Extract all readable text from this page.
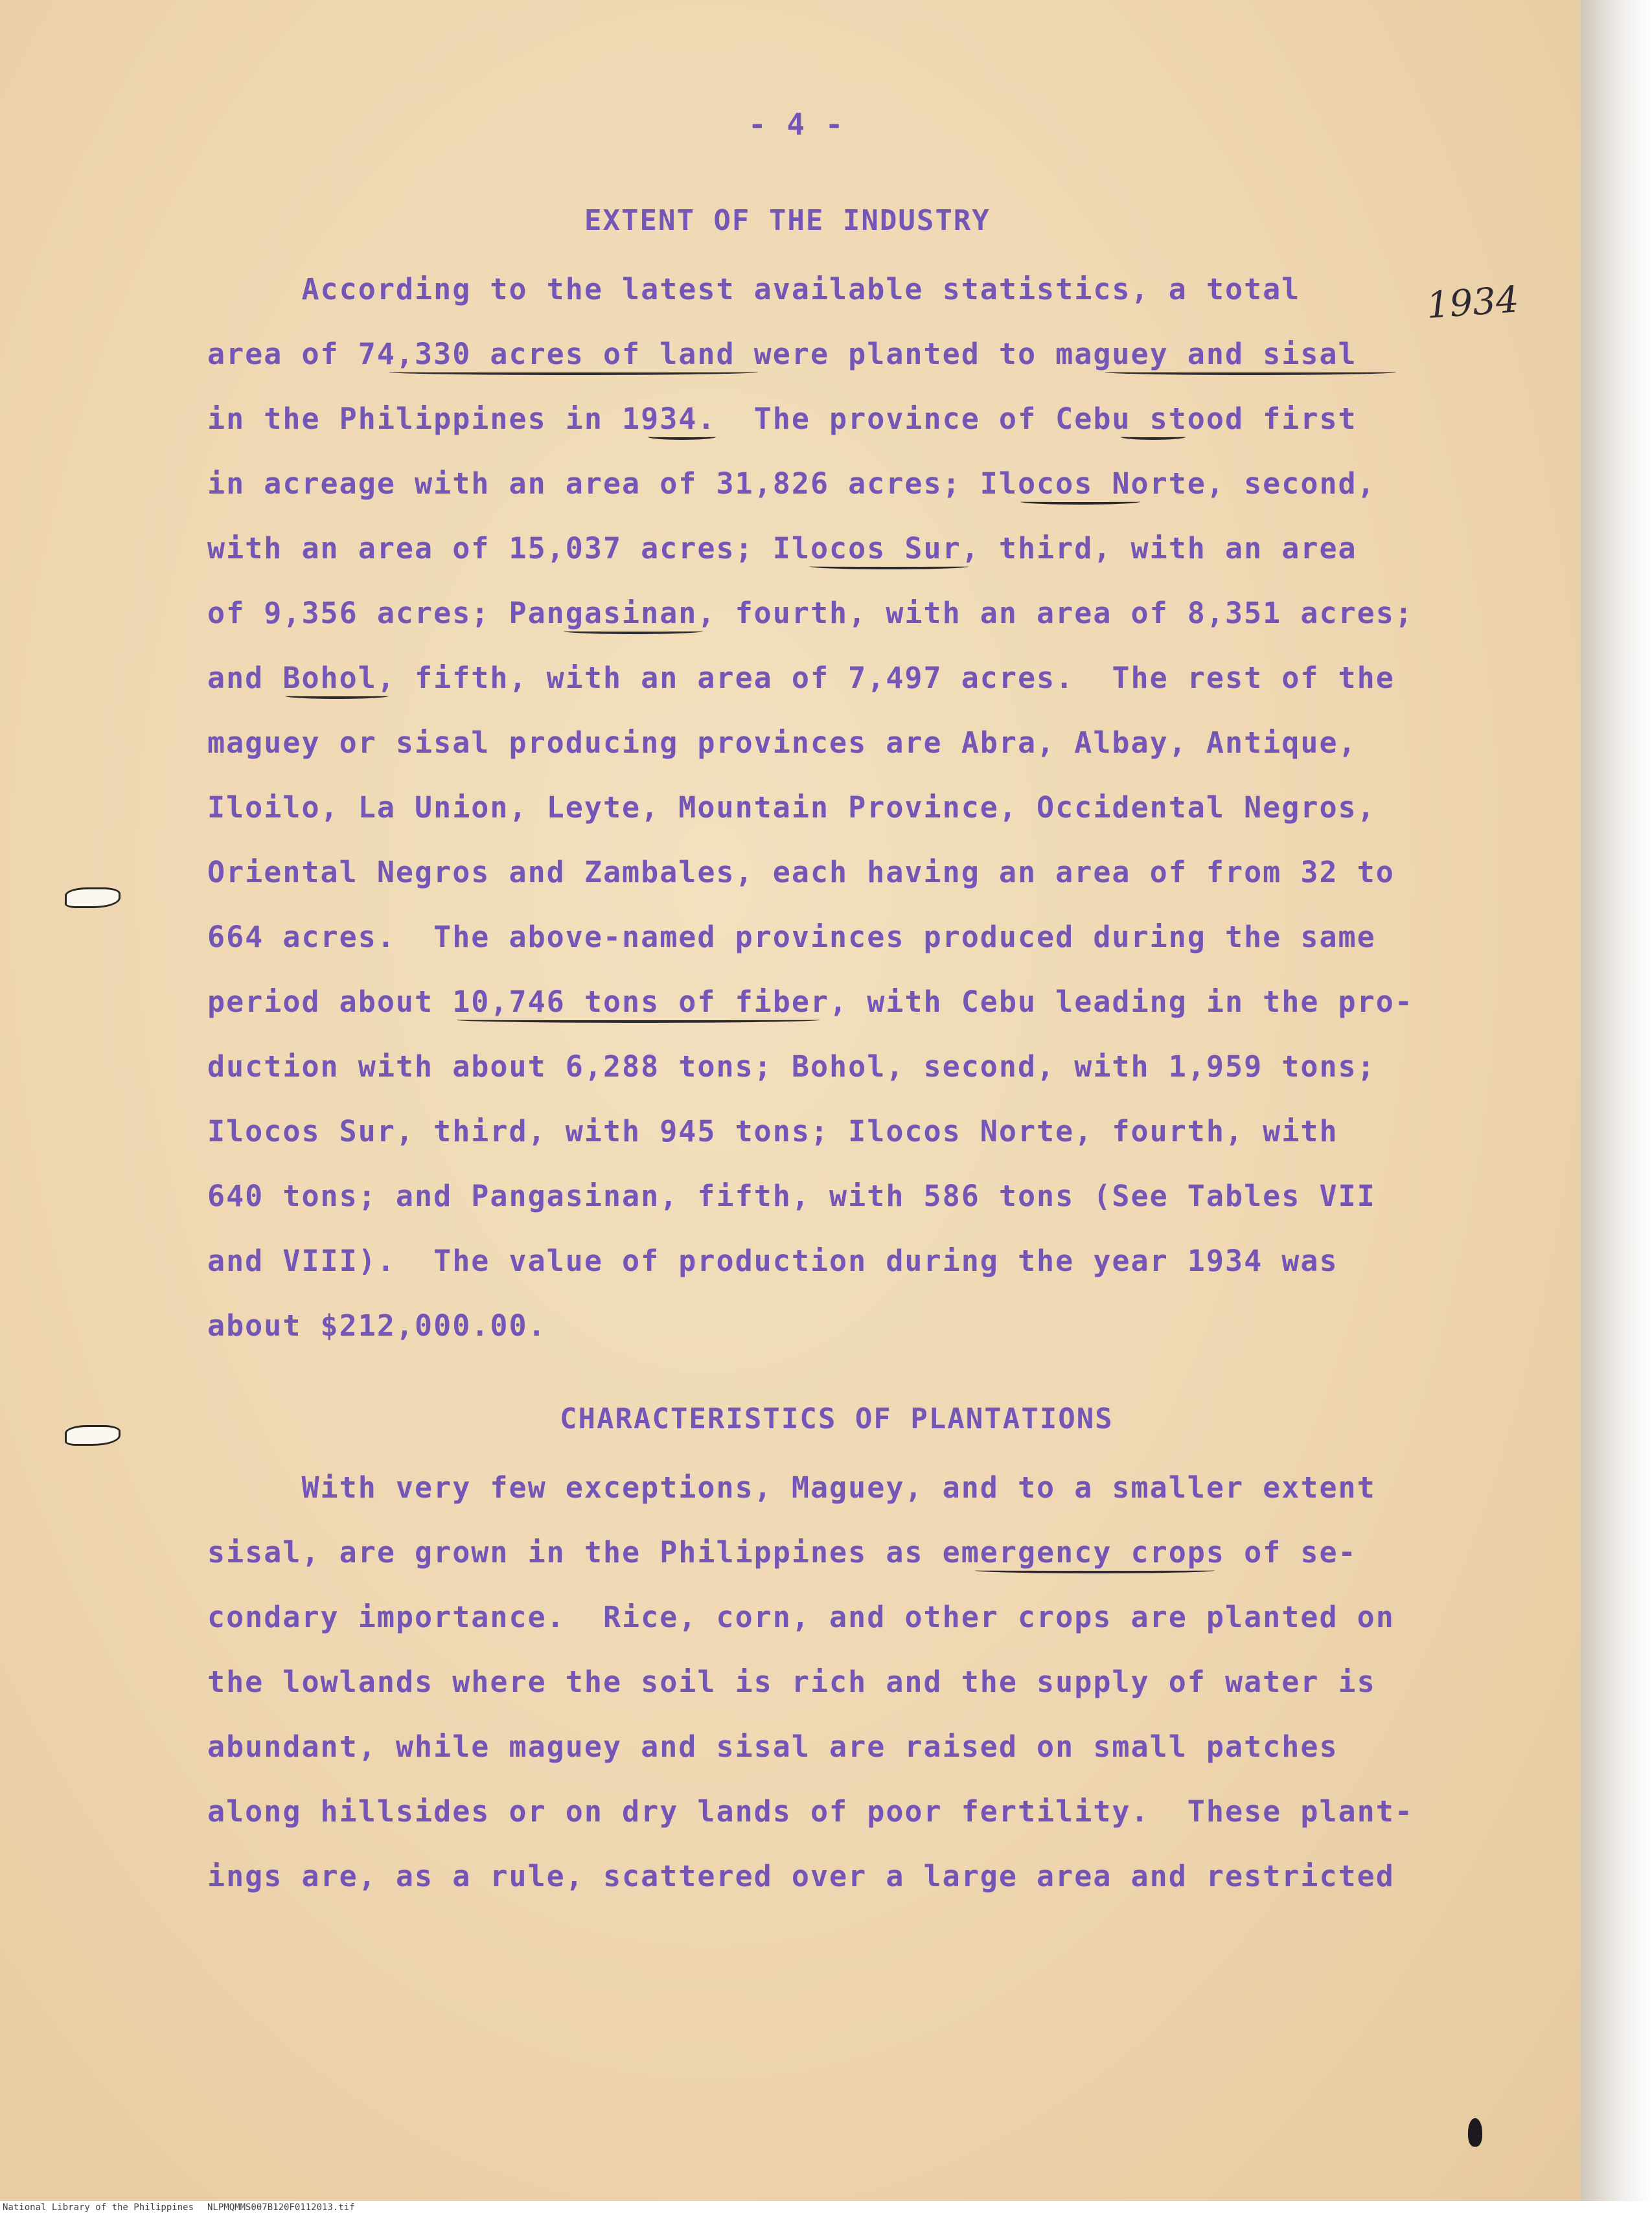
- 4 -
EXTENT OF THE INDUSTRY
1934
According to the latest available statistics, a total
area of 74,330 acres of land were planted to maguey and sisal
in the Philippines in 1934.  The province of Cebu stood first
in acreage with an area of 31,826 acres; Ilocos Norte, second,
with an area of 15,037 acres; Ilocos Sur, third, with an area
of 9,356 acres; Pangasinan, fourth, with an area of 8,351 acres;
and Bohol, fifth, with an area of 7,497 acres.  The rest of the
maguey or sisal producing provinces are Abra, Albay, Antique,
Iloilo, La Union, Leyte, Mountain Province, Occidental Negros,
Oriental Negros and Zambales, each having an area of from 32 to
664 acres.  The above-named provinces produced during the same
period about 10,746 tons of fiber, with Cebu leading in the pro-
duction with about 6,288 tons; Bohol, second, with 1,959 tons;
Ilocos Sur, third, with 945 tons; Ilocos Norte, fourth, with
640 tons; and Pangasinan, fifth, with 586 tons (See Tables VII
and VIII).  The value of production during the year 1934 was
about $212,000.00.
CHARACTERISTICS OF PLANTATIONS
With very few exceptions, Maguey, and to a smaller extent
sisal, are grown in the Philippines as emergency crops of se-
condary importance.  Rice, corn, and other crops are planted on
the lowlands where the soil is rich and the supply of water is
abundant, while maguey and sisal are raised on small patches
along hillsides or on dry lands of poor fertility.  These plant-
ings are, as a rule, scattered over a large area and restricted
National Library of the Philippines NLPMQMMS007B120F0112013.tif
